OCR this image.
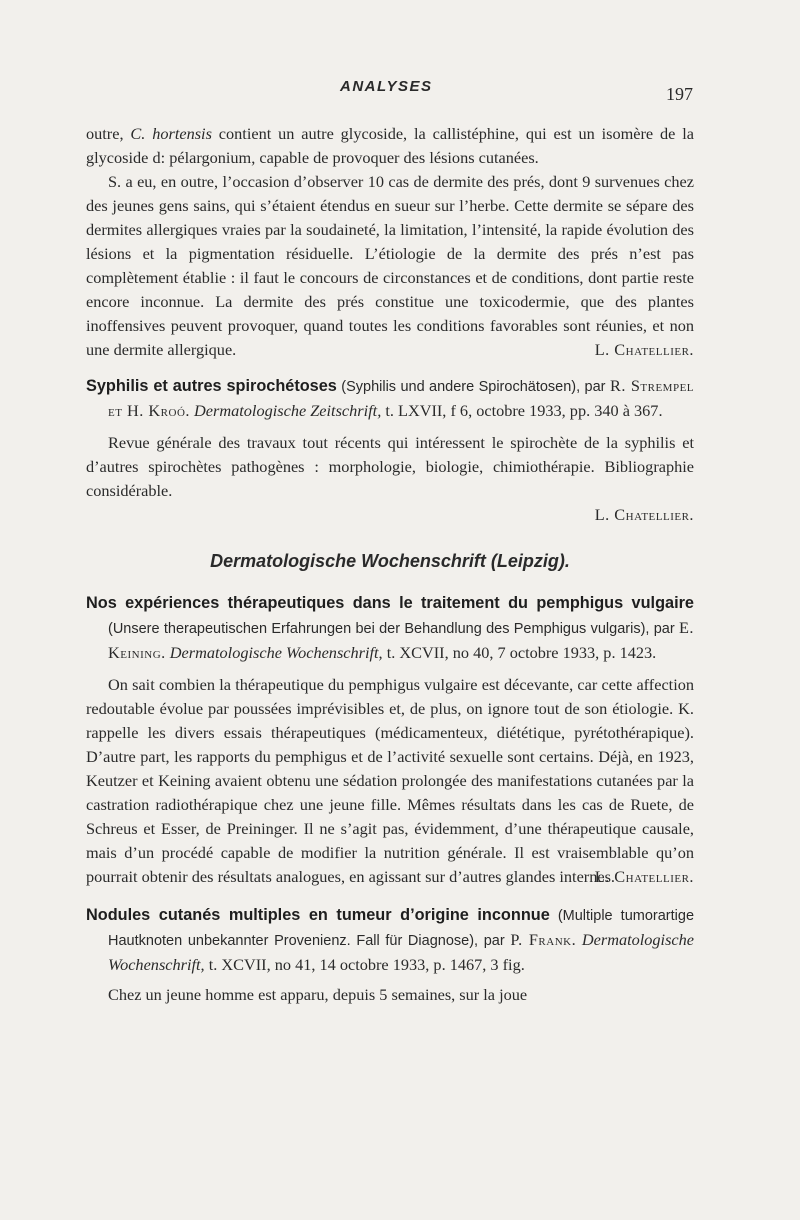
ANALYSES	197

outre, C. hortensis contient un autre glycoside, la callistéphine, qui est un isomère de la glycoside d: pélargonium, capable de provoquer des lésions cutanées.

S. a eu, en outre, l’occasion d’observer 10 cas de dermite des prés, dont 9 survenues chez des jeunes gens sains, qui s’étaient étendus en sueur sur l’herbe. Cette dermite se sépare des dermites allergiques vraies par la soudaineté, la limitation, l’intensité, la rapide évolution des lésions et la pigmentation résiduelle. L’étiologie de la dermite des prés n’est pas complètement établie : il faut le concours de circonstances et de conditions, dont partie reste encore inconnue. La dermite des prés constitue une toxicodermie, que des plantes inoffensives peuvent provoquer, quand toutes les conditions favorables sont réunies, et non une dermite allergique.	L. Chatellier.

Syphilis et autres spirochétoses (Syphilis und andere Spirochätosen), par R. Strempel et H. Kroó. Dermatologische Zeitschrift, t. LXVII, f 6, octobre 1933, pp. 340 à 367.

Revue générale des travaux tout récents qui intéressent le spirochète de la syphilis et d’autres spirochètes pathogènes : morphologie, biologie, chimiothérapie. Bibliographie considérable.

L. Chatellier.

Dermatologische Wochenschrift (Leipzig).

Nos expériences thérapeutiques dans le traitement du pemphigus vulgaire (Unsere therapeutischen Erfahrungen bei der Behandlung des Pemphigus vulgaris), par E. Keining. Dermatologische Wochenschrift, t. XCVII, no 40, 7 octobre 1933, p. 1423.

On sait combien la thérapeutique du pemphigus vulgaire est décevante, car cette affection redoutable évolue par poussées imprévisibles et, de plus, on ignore tout de son étiologie. K. rappelle les divers essais thérapeutiques (médicamenteux, diététique, pyrétothérapique). D’autre part, les rapports du pemphigus et de l’activité sexuelle sont certains. Déjà, en 1923, Keutzer et Keining avaient obtenu une sédation prolongée des manifestations cutanées par la castration radiothérapique chez une jeune fille. Mêmes résultats dans les cas de Ruete, de Schreus et Esser, de Preininger. Il ne s’agit pas, évidemment, d’une thérapeutique causale, mais d’un procédé capable de modifier la nutrition générale. Il est vraisemblable qu’on pourrait obtenir des résultats analogues, en agissant sur d’autres glandes internes.

L. Chatellier.

Nodules cutanés multiples en tumeur d’origine inconnue (Multiple tumorartige Hautknoten unbekannter Provenienz. Fall für Diagnose), par P. Frank. Dermatologische Wochenschrift, t. XCVII, no 41, 14 octobre 1933, p. 1467, 3 fig.

Chez un jeune homme est apparu, depuis 5 semaines, sur la joue
